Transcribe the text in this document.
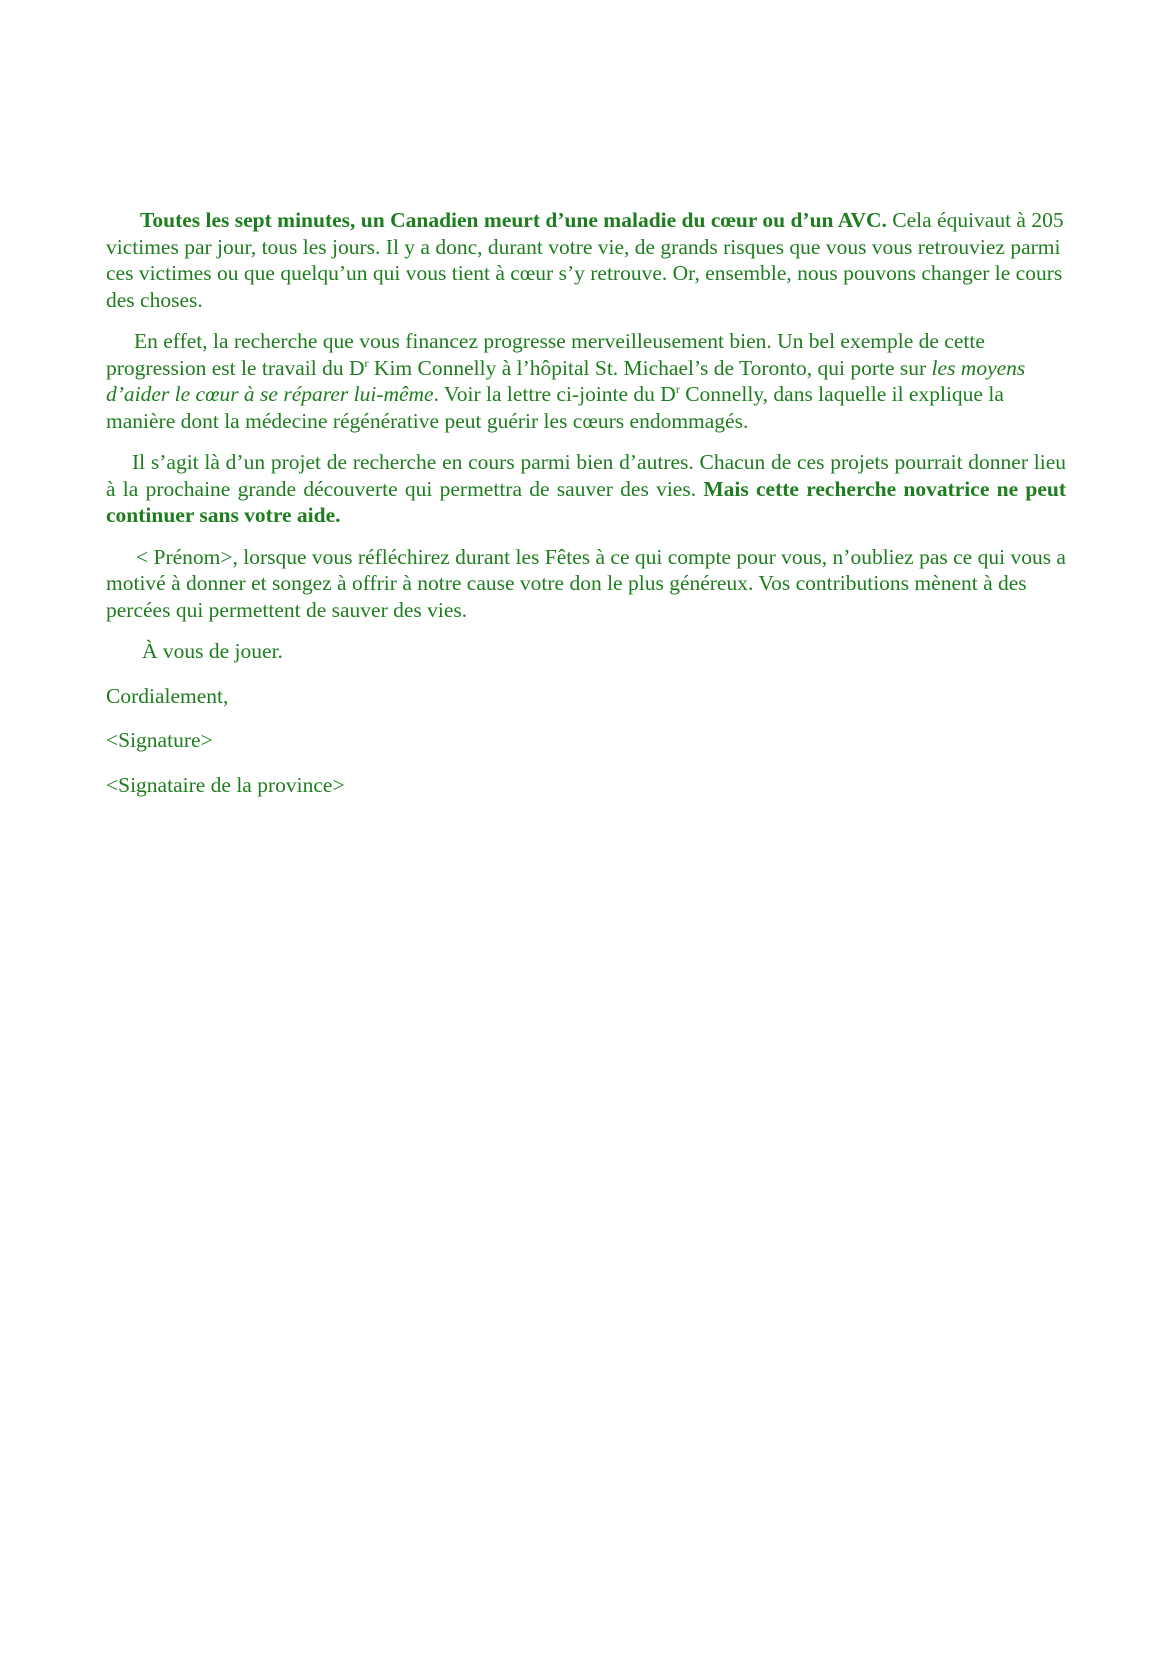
Toutes les sept minutes, un Canadien meurt d’une maladie du cœur ou d’un AVC. Cela équivaut à 205 victimes par jour, tous les jours. Il y a donc, durant votre vie, de grands risques que vous vous retrouviez parmi ces victimes ou que quelqu’un qui vous tient à cœur s’y retrouve. Or, ensemble, nous pouvons changer le cours des choses.

En effet, la recherche que vous financez progresse merveilleusement bien. Un bel exemple de cette progression est le travail du $D^r$ Kim Connelly à l’hôpital St. Michael’s de Toronto, qui porte sur les moyens d’aider le cœur à se réparer lui-même. Voir la lettre ci-jointe du $D^r$ Connelly, dans laquelle il explique la manière dont la médecine régénérative peut guérir les cœurs endommagés.

Il s’agit là d’un projet de recherche en cours parmi bien d’autres. Chacun de ces projets pourrait donner lieu à la prochaine grande découverte qui permettra de sauver des vies. Mais cette recherche novatrice ne peut continuer sans votre aide.

< Prénom>, lorsque vous réfléchirez durant les Fêtes à ce qui compte pour vous, n’oubliez pas ce qui vous a motivé à donner et songez à offrir à notre cause votre don le plus généreux. Vos contributions mènent à des percées qui permettent de sauver des vies.

À vous de jouer.

Cordialement,

<Signature>

<Signataire de la province>
